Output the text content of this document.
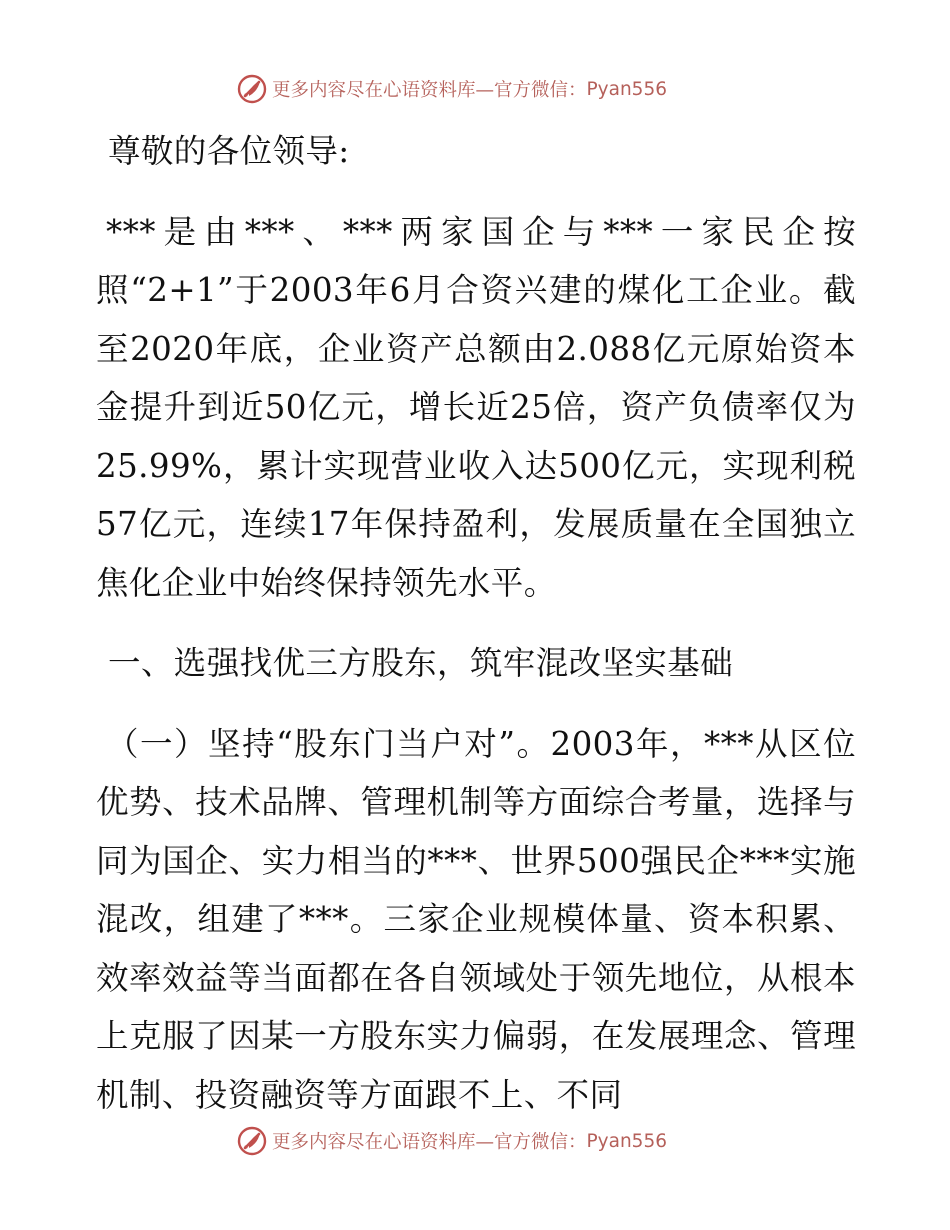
更多内容尽在心语资料库—官方微信： Pyan556

尊敬的各位领导:

***是由***、***两家国企与***一家民企按照“2+1”于2003年6月合资兴建的煤化工企业。截至2020年底，企业资产总额由2.088亿元原始资本金提升到近50亿元，增长近25倍，资产负债率仅为25.99%，累计实现营业收入达500亿元，实现利税57亿元，连续17年保持盈利，发展质量在全国独立焦化企业中始终保持领先水平。

一、选强找优三方股东，筑牢混改坚实基础

（一）坚持“股东门当户对”。2003年，***从区位优势、技术品牌、管理机制等方面综合考量，选择与同为国企、实力相当的***、世界500强民企***实施混改，组建了***。三家企业规模体量、资本积累、效率效益等当面都在各自领域处于领先地位，从根本上克服了因某一方股东实力偏弱，在发展理念、管理机制、投资融资等方面跟不上、不同

更多内容尽在心语资料库—官方微信： Pyan556
